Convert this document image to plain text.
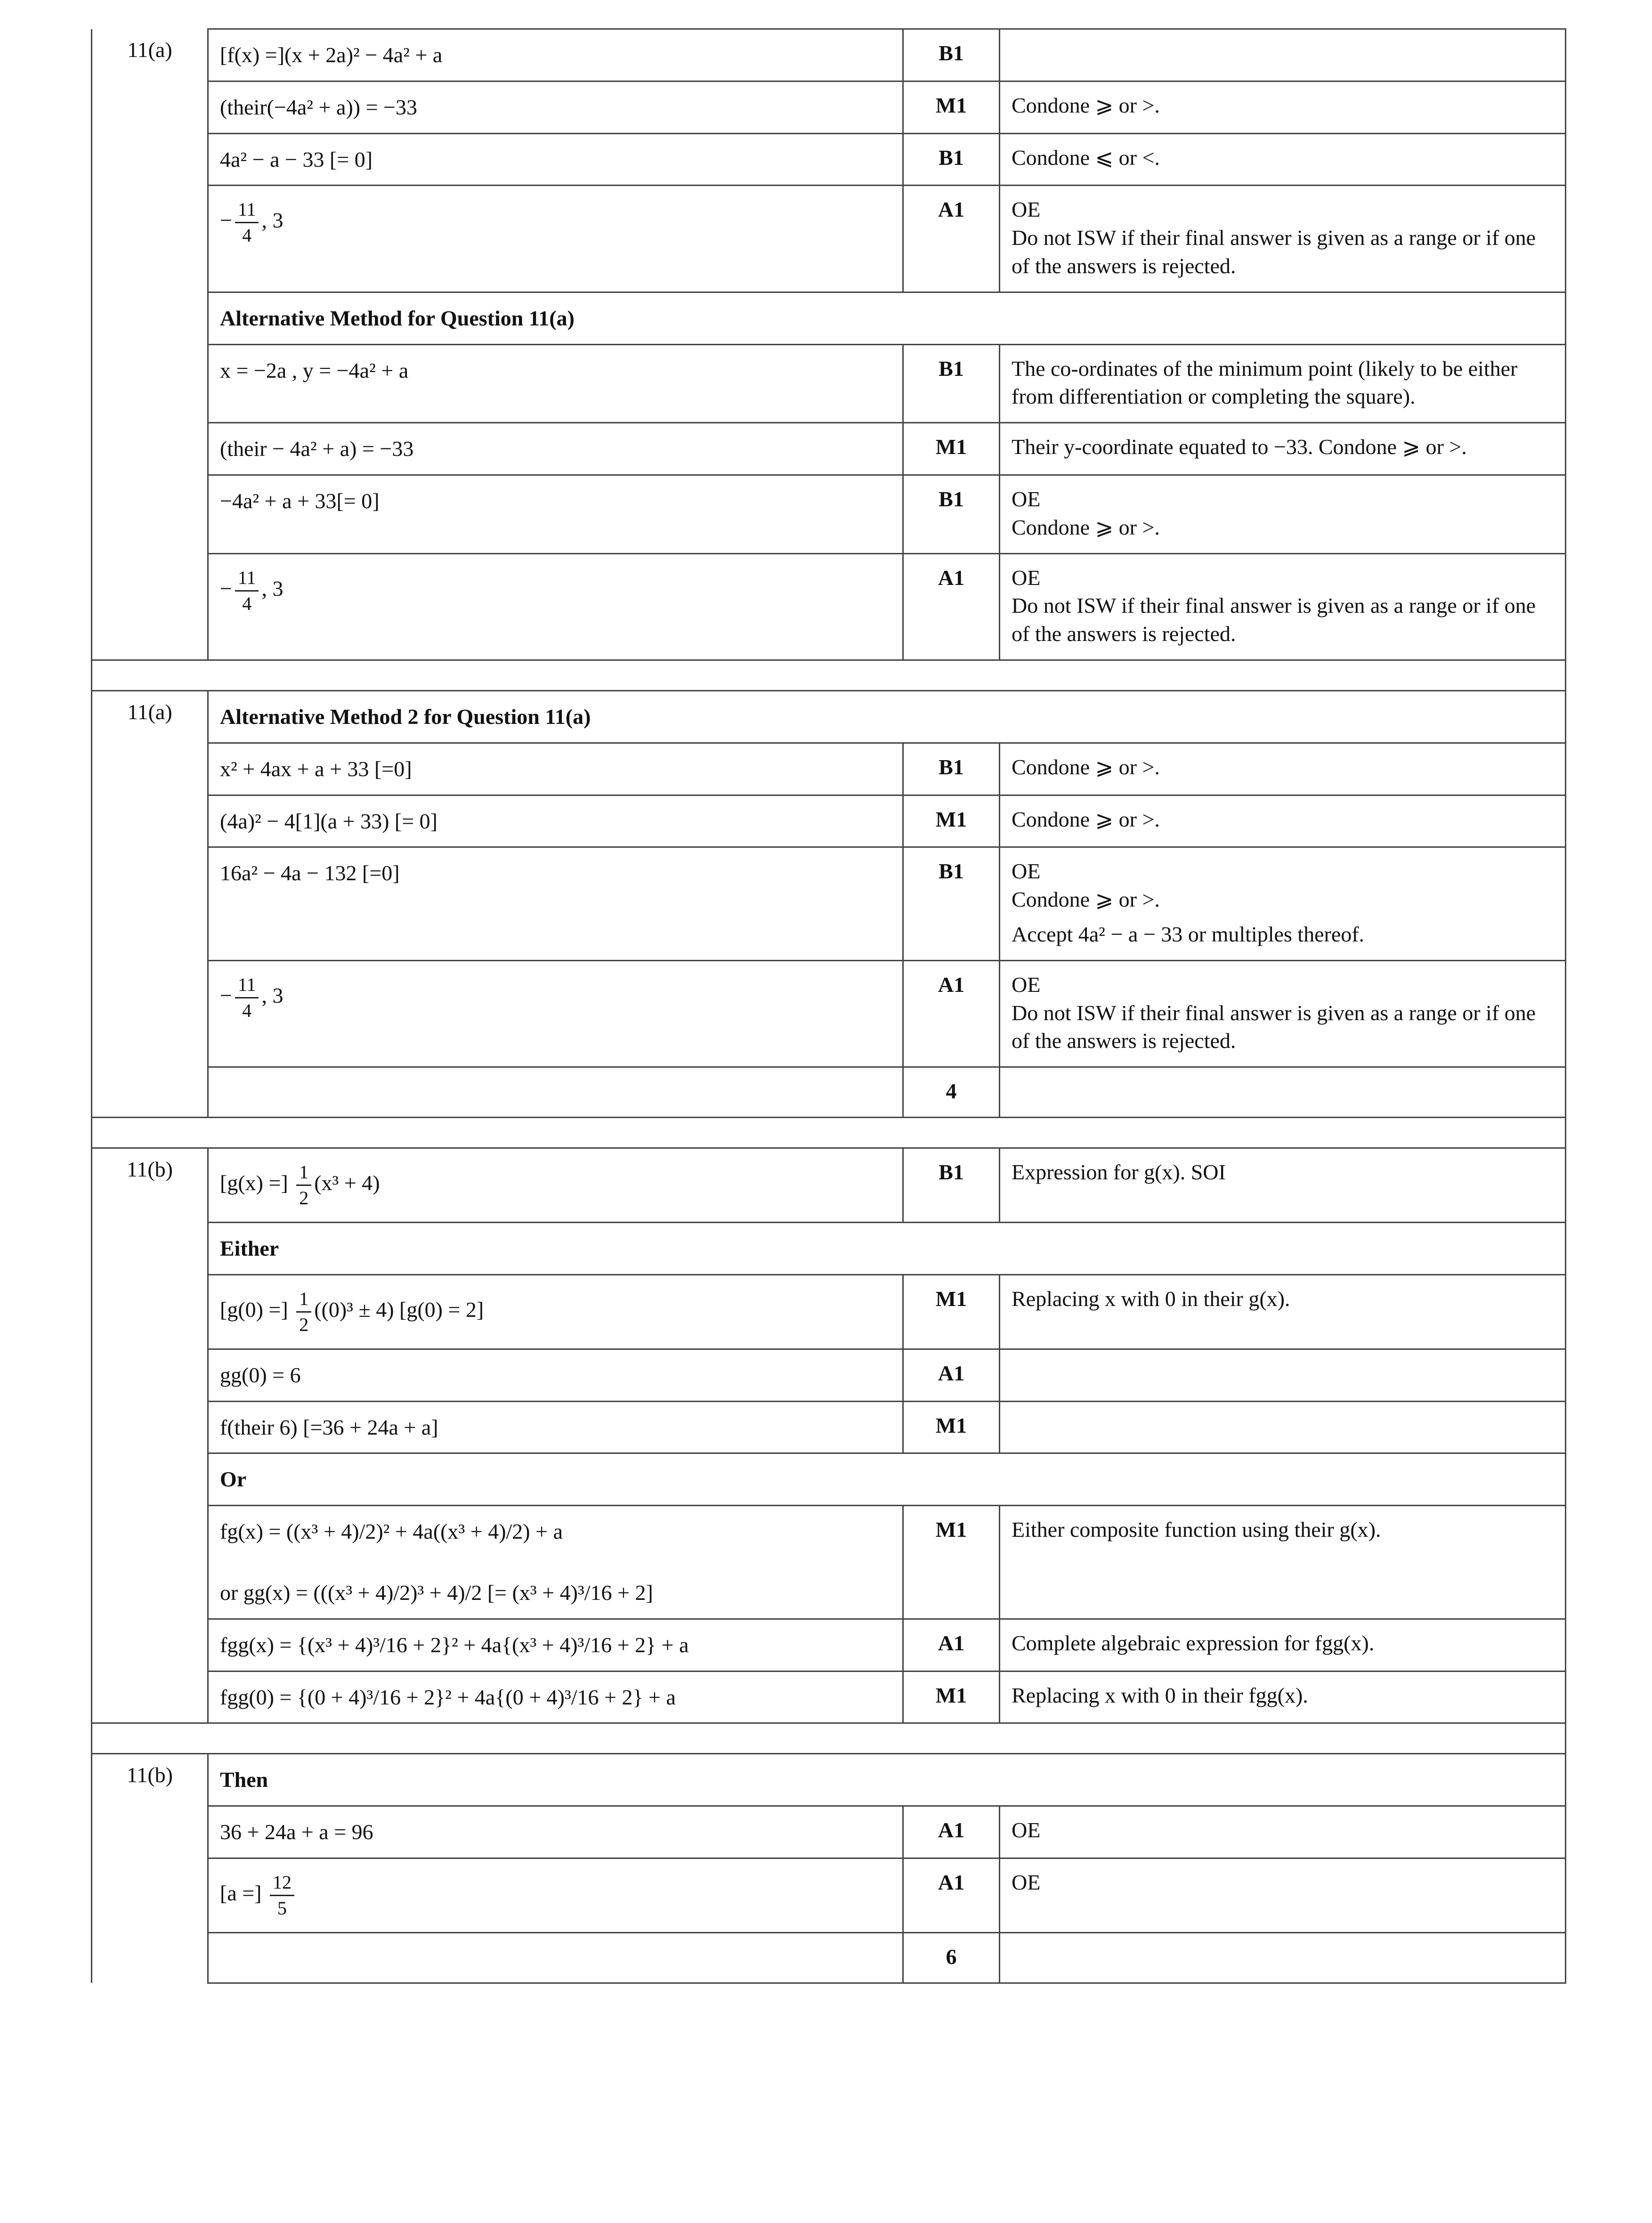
11(a)	[f(x) =](x + 2a)² − 4a² + a	B1	

	(their(−4a² + a)) = −33	M1	Condone ⩾ or >.

	4a² − a − 33 [= 0]	B1	Condone ⩽ or <.

	− $\frac{11}{4}$ , 3	A1	OE
Do not ISW if their final answer is given as a range or if one of the answers is rejected.

	Alternative Method for Question 11(a)		

	x = −2a , y = −4a² + a	B1	The co-ordinates of the minimum point (likely to be either from differentiation or completing the square).

	(their − 4a² + a) = −33	M1	Their y-coordinate equated to −33. Condone ⩾ or >.

	−4a² + a + 33[= 0]	B1	OE
Condone ⩾ or >.

	− $\frac{11}{4}$ , 3	A1	OE
Do not ISW if their final answer is given as a range or if one of the answers is rejected.

11(a)	Alternative Method 2 for Question 11(a)		

	x² + 4ax + a + 33 [=0]	B1	Condone ⩾ or >.

	(4a)² − 4[1](a + 33) [= 0]	M1	Condone ⩾ or >.

	16a² − 4a − 132 [=0]	B1	OE
Condone ⩾ or >.
Accept 4a² − a − 33 or multiples thereof.

	− $\frac{11}{4}$ , 3	A1	OE
Do not ISW if their final answer is given as a range or if one of the answers is rejected.

		4	

11(b)	[g(x) =] $\frac{1}{2} (x^3 + 4)$	B1	Expression for g(x). SOI

	Either		
	[g(0) =] $\frac{1}{2} ((0)^3 \pm 4) [g(0) = 2]$	M1	Replacing x with 0 in their g(x).

	gg(0) = 6	A1	

	f(their 6) [=36 + 24a + a]	M1	
	Or		

	fg(x) = ((x³ + 4)/2)² + 4a((x³ + 4)/2) + a
or gg(x) = (((x³ + 4)/2)³ + 4)/2 [= (x³ + 4)³/16 + 2]	M1	Either composite function using their g(x).

	fgg(x) = {(x³ + 4)³/16 + 2}² + 4a{(x³ + 4)³/16 + 2} + a	A1	Complete algebraic expression for fgg(x).

	fgg(0) = {(0 + 4)³/16 + 2}² + 4a{(0 + 4)³/16 + 2} + a	M1	Replacing x with 0 in their fgg(x).

11(b)	Then		

	36 + 24a + a = 96	A1	OE

	[a =] $\frac{12}{5}$	A1	OE

		6	
